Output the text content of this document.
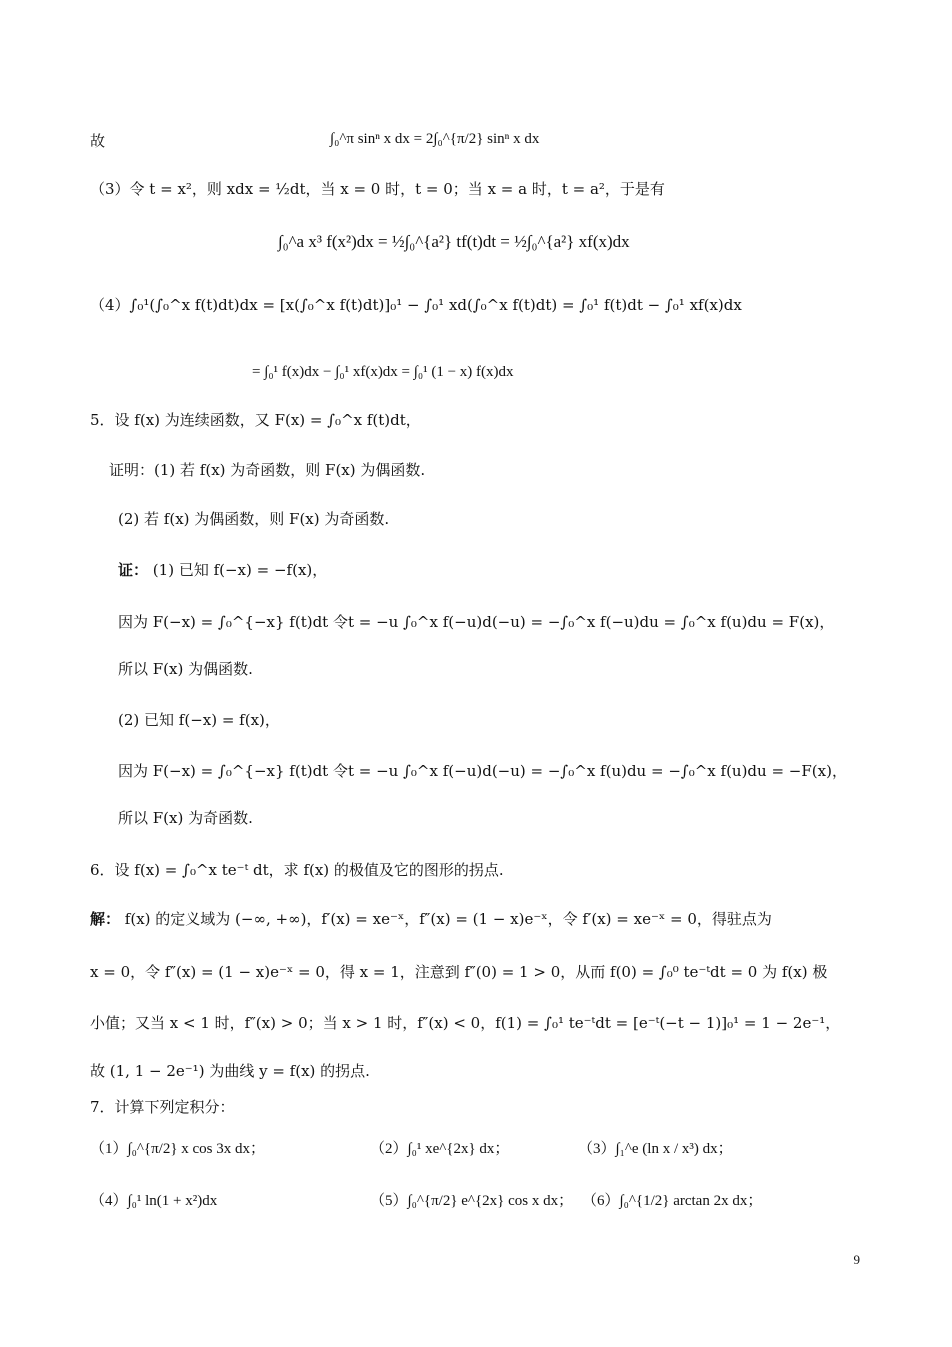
故	∫₀^π sinⁿ x dx = 2∫₀^{π/2} sinⁿ x dx
（3）令 t = x²，则 xdx = ½dt，当 x = 0 时，t = 0；当 x = a 时，t = a²，于是有
∫₀^a x³ f(x²)dx = ½∫₀^{a²} tf(t)dt = ½∫₀^{a²} xf(x)dx
（4）∫₀¹(∫₀^x f(t)dt)dx = [x(∫₀^x f(t)dt)]₀¹ − ∫₀¹ xd(∫₀^x f(t)dt) = ∫₀¹ f(t)dt − ∫₀¹ xf(x)dx
= ∫₀¹ f(x)dx − ∫₀¹ xf(x)dx = ∫₀¹ (1 − x) f(x)dx
5．设 f(x) 为连续函数，又 F(x) = ∫₀^x f(t)dt，
证明：(1) 若 f(x) 为奇函数，则 F(x) 为偶函数.
(2) 若 f(x) 为偶函数，则 F(x) 为奇函数.
证： (1) 已知 f(−x) = −f(x)，
因为 F(−x) = ∫₀^{−x} f(t)dt 令t = −u ∫₀^x f(−u)d(−u) = −∫₀^x f(−u)du = ∫₀^x f(u)du = F(x)，
所以 F(x) 为偶函数.
(2) 已知 f(−x) = f(x)，
因为 F(−x) = ∫₀^{−x} f(t)dt 令t = −u ∫₀^x f(−u)d(−u) = −∫₀^x f(u)du = −∫₀^x f(u)du = −F(x)，
所以 F(x) 为奇函数.
6．设 f(x) = ∫₀^x te⁻ᵗ dt，求 f(x) 的极值及它的图形的拐点.
解： f(x) 的定义域为 (−∞, +∞)，f′(x) = xe⁻ˣ，f″(x) = (1 − x)e⁻ˣ，令 f′(x) = xe⁻ˣ = 0，得驻点为
x = 0，令 f″(x) = (1 − x)e⁻ˣ = 0，得 x = 1，注意到 f″(0) = 1 > 0，从而 f(0) = ∫₀⁰ te⁻ᵗdt = 0 为 f(x) 极
小值；又当 x < 1 时，f″(x) > 0；当 x > 1 时，f″(x) < 0，f(1) = ∫₀¹ te⁻ᵗdt = [e⁻ᵗ(−t − 1)]₀¹ = 1 − 2e⁻¹，
故 (1, 1 − 2e⁻¹) 为曲线 y = f(x) 的拐点.
7．计算下列定积分：
（1）∫₀^{π/2} x cos 3x dx；	（2）∫₀¹ xe^{2x} dx；	（3）∫₁^e (ln x / x³) dx；
（4）∫₀¹ ln(1 + x²)dx	（5）∫₀^{π/2} e^{2x} cos x dx； （6）∫₀^{1/2} arctan 2x dx；
9
